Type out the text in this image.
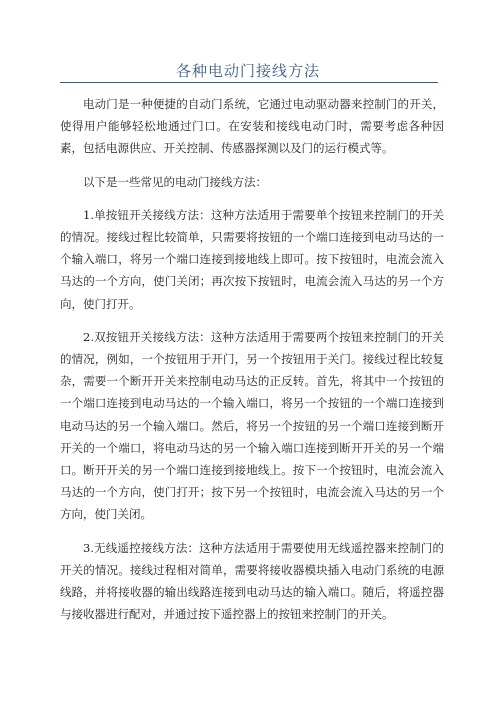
各种电动门接线方法

电动门是一种便捷的自动门系统，它通过电动驱动器来控制门的开关，使得用户能够轻松地通过门口。在安装和接线电动门时，需要考虑各种因素，包括电源供应、开关控制、传感器探测以及门的运行模式等。

以下是一些常见的电动门接线方法：

1.单按钮开关接线方法：这种方法适用于需要单个按钮来控制门的开关的情况。接线过程比较简单，只需要将按钮的一个端口连接到电动马达的一个输入端口，将另一个端口连接到接地线上即可。按下按钮时，电流会流入马达的一个方向，使门关闭；再次按下按钮时，电流会流入马达的另一个方向，使门打开。

2.双按钮开关接线方法：这种方法适用于需要两个按钮来控制门的开关的情况，例如，一个按钮用于开门，另一个按钮用于关门。接线过程比较复杂，需要一个断开开关来控制电动马达的正反转。首先，将其中一个按钮的一个端口连接到电动马达的一个输入端口，将另一个按钮的一个端口连接到电动马达的另一个输入端口。然后，将另一个按钮的另一个端口连接到断开开关的一个端口，将电动马达的另一个输入端口连接到断开开关的另一个端口。断开开关的另一个端口连接到接地线上。按下一个按钮时，电流会流入马达的一个方向，使门打开；按下另一个按钮时，电流会流入马达的另一个方向，使门关闭。

3.无线遥控接线方法：这种方法适用于需要使用无线遥控器来控制门的开关的情况。接线过程相对简单，需要将接收器模块插入电动门系统的电源线路，并将接收器的输出线路连接到电动马达的输入端口。随后，将遥控器与接收器进行配对，并通过按下遥控器上的按钮来控制门的开关。
